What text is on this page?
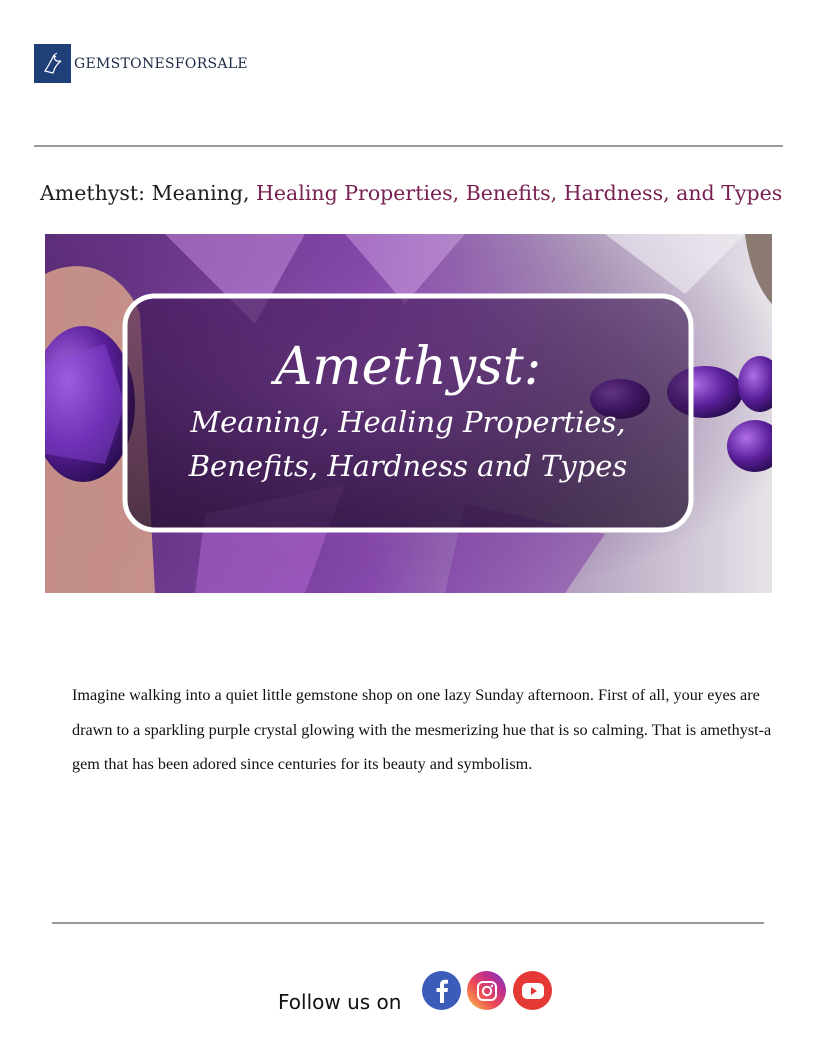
GEMSTONESFORSALE
Amethyst: Meaning, Healing Properties, Benefits, Hardness, and Types
Amethyst:
Meaning, Healing Properties,
Benefits, Hardness and Types

Imagine walking into a quiet little gemstone shop on one lazy Sunday afternoon. First of all, your eyes are drawn to a sparkling purple crystal glowing with the mesmerizing hue that is so calming. That is amethyst-a gem that has been adored since centuries for its beauty and symbolism.

Follow us on
